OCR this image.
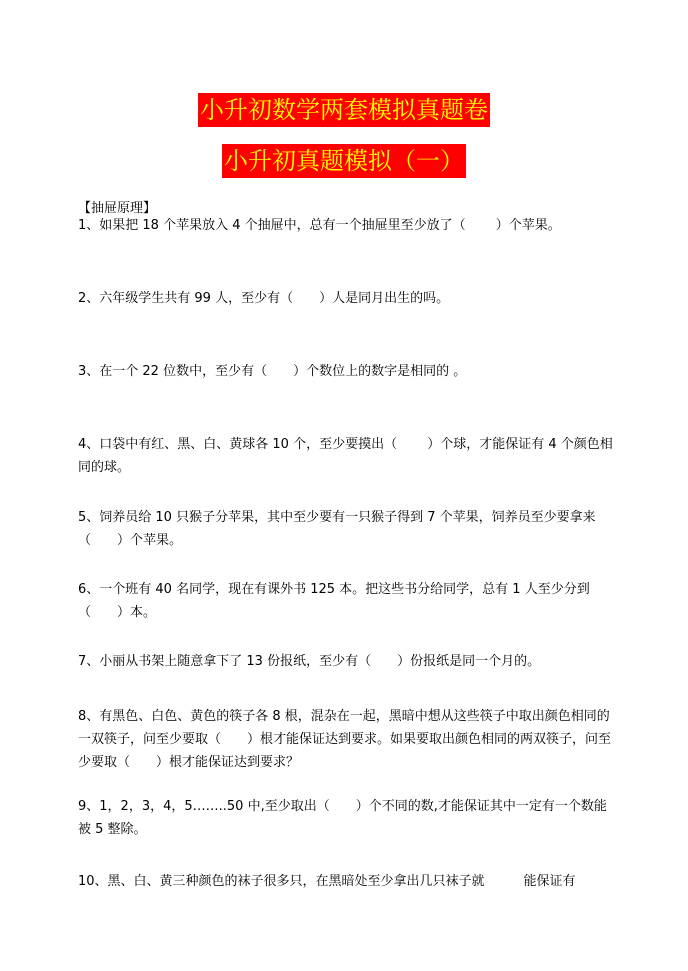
小升初数学两套模拟真题卷
小升初真题模拟（一）
【抽屉原理】
1、如果把 18 个苹果放入 4 个抽屉中，总有一个抽屉里至少放了（　　 ）个苹果。
2、六年级学生共有 99 人，至少有（　　）人是同月出生的吗。
3、在一个 22 位数中，至少有（　　）个数位上的数字是相同的 。
4、口袋中有红、黑、白、黄球各 10 个，至少要摸出（　　 ）个球，才能保证有 4 个颜色相同的球。
5、饲养员给 10 只猴子分苹果，其中至少要有一只猴子得到 7 个苹果，饲养员至少要拿来（　　）个苹果。
6、一个班有 40 名同学，现在有课外书 125 本。把这些书分给同学，总有 1 人至少分到（　　）本。
7、小丽从书架上随意拿下了 13 份报纸，至少有（　　）份报纸是同一个月的。
8、有黑色、白色、黄色的筷子各 8 根，混杂在一起，黑暗中想从这些筷子中取出颜色相同的一双筷子，问至少要取（　　）根才能保证达到要求。如果要取出颜色相同的两双筷子，问至少要取（　　）根才能保证达到要求？
9、1，2，3，4，5……..50 中,至少取出（　　）个不同的数,才能保证其中一定有一个数能被 5 整除。
10、黑、白、黄三种颜色的袜子很多只，在黑暗处至少拿出几只袜子就　　　能保证有
